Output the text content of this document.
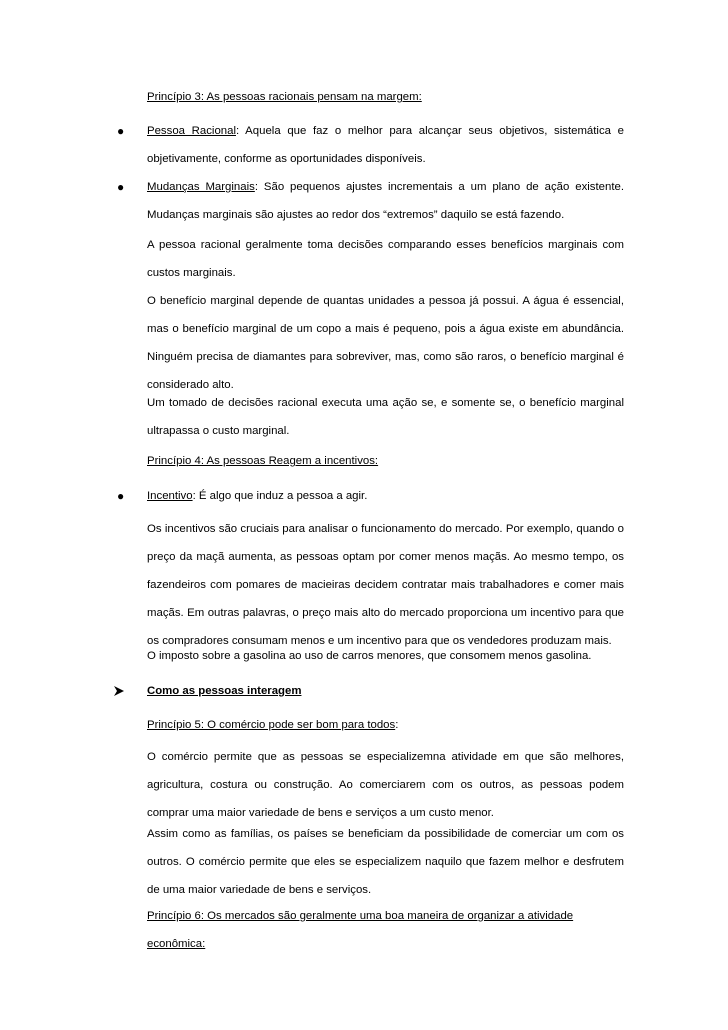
Princípio 3: As pessoas racionais pensam na margem:
●	Pessoa Racional: Aquela que faz o melhor para alcançar seus objetivos, sistemática e objetivamente, conforme as oportunidades disponíveis.
●	Mudanças Marginais: São pequenos ajustes incrementais a um plano de ação existente. Mudanças marginais são ajustes ao redor dos “extremos” daquilo se está fazendo.
A pessoa racional geralmente toma decisões comparando esses benefícios marginais com custos marginais.
O benefício marginal depende de quantas unidades a pessoa já possui. A água é essencial, mas o benefício marginal de um copo a mais é pequeno, pois a água existe em abundância. Ninguém precisa de diamantes para sobreviver, mas, como são raros, o benefício marginal é considerado alto.
Um tomado de decisões racional executa uma ação se, e somente se, o benefício marginal ultrapassa o custo marginal.
Princípio 4: As pessoas Reagem a incentivos:
●	Incentivo: É algo que induz a pessoa a agir.
Os incentivos são cruciais para analisar o funcionamento do mercado. Por exemplo, quando o preço da maçã aumenta, as pessoas optam por comer menos maçãs. Ao mesmo tempo, os fazendeiros com pomares de macieiras decidem contratar mais trabalhadores e comer mais maçãs. Em outras palavras, o preço mais alto do mercado proporciona um incentivo para que os compradores consumam menos e um incentivo para que os vendedores produzam mais.
O imposto sobre a gasolina ao uso de carros menores, que consomem menos gasolina.
Como as pessoas interagem
Princípio 5: O comércio pode ser bom para todos:
O comércio permite que as pessoas se especializemna atividade em que são melhores, agricultura, costura ou construção. Ao comerciarem com os outros, as pessoas podem comprar uma maior variedade de bens e serviços a um custo menor.
Assim como as famílias, os países se beneficiam da possibilidade de comerciar um com os outros. O comércio permite que eles se especializem naquilo que fazem melhor e desfrutem de uma maior variedade de bens e serviços.
Princípio 6: Os mercados são geralmente uma boa maneira de organizar a atividade econômica:
